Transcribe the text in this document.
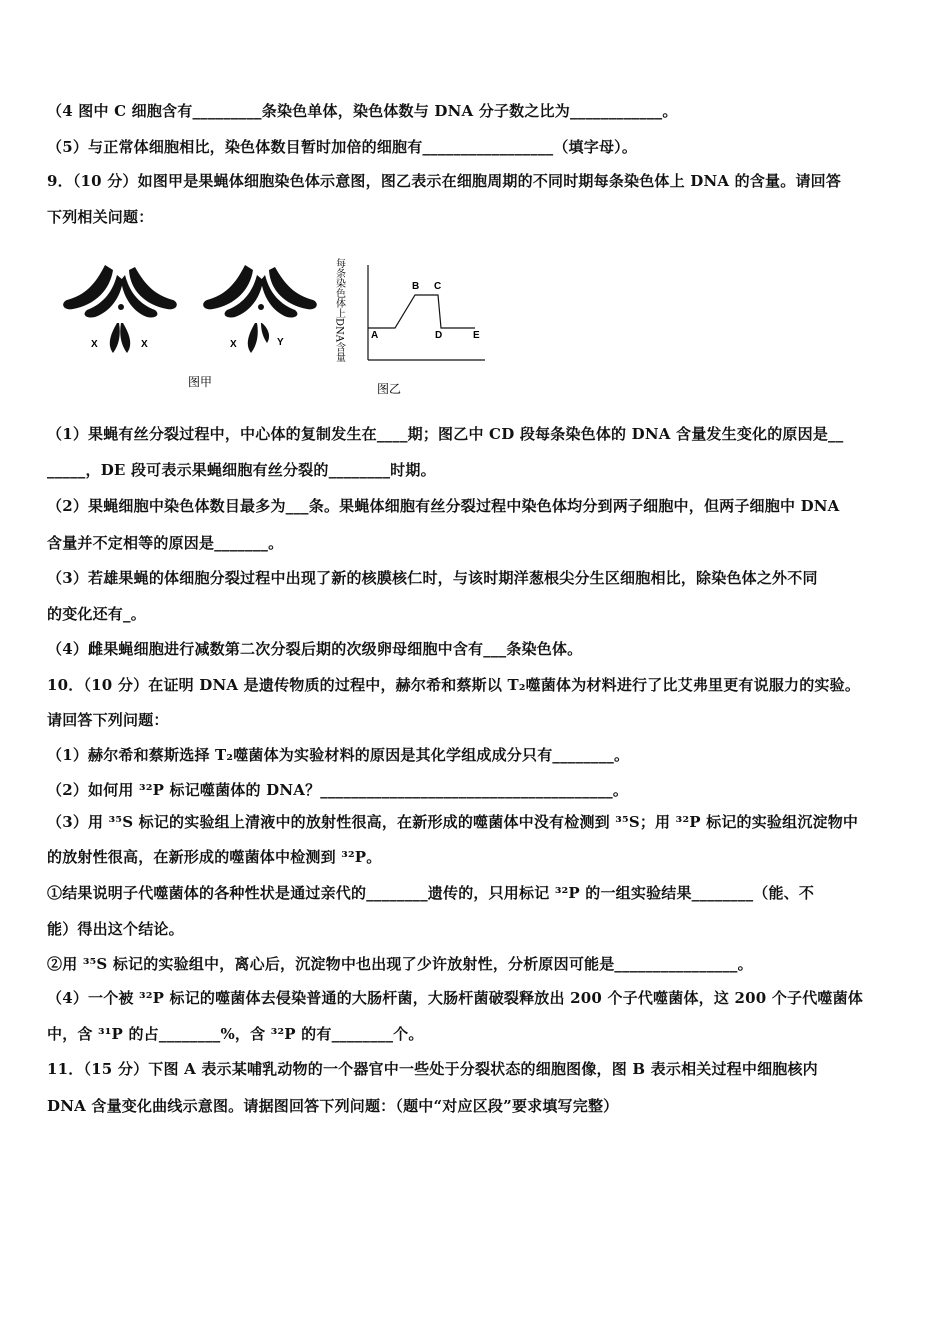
（4 图中 C 细胞含有_________条染色单体，染色体数与 DNA 分子数之比为____________。
（5）与正常体细胞相比，染色体数目暂时加倍的细胞有_________________（填字母）。
9．（10 分）如图甲是果蝇体细胞染色体示意图，图乙表示在细胞周期的不同时期每条染色体上 DNA 的含量。请回答
下列相关问题：
X	X	X	Y
图甲
每条染色体上DNA含量	A
B C
D	E
图乙
（1）果蝇有丝分裂过程中，中心体的复制发生在____期；图乙中 CD 段每条染色体的 DNA 含量发生变化的原因是__
_____，DE 段可表示果蝇细胞有丝分裂的________时期。
（2）果蝇细胞中染色体数目最多为___条。果蝇体细胞有丝分裂过程中染色体均分到两子细胞中，但两子细胞中 DNA
含量并不定相等的原因是_______。
（3）若雄果蝇的体细胞分裂过程中出现了新的核膜核仁时，与该时期洋葱根尖分生区细胞相比，除染色体之外不同
的变化还有_。
（4）雌果蝇细胞进行减数第二次分裂后期的次级卵母细胞中含有___条染色体。
10．（10 分）在证明 DNA 是遗传物质的过程中，赫尔希和蔡斯以 T₂噬菌体为材料进行了比艾弗里更有说服力的实验。
请回答下列问题：
（1）赫尔希和蔡斯选择 T₂噬菌体为实验材料的原因是其化学组成成分只有________。
（2）如何用 ³²P 标记噬菌体的 DNA？______________________________________。
（3）用 ³⁵S 标记的实验组上清液中的放射性很高，在新形成的噬菌体中没有检测到 ³⁵S；用 ³²P 标记的实验组沉淀物中
的放射性很高，在新形成的噬菌体中检测到 ³²P。
①结果说明子代噬菌体的各种性状是通过亲代的________遗传的，只用标记 ³²P 的一组实验结果________（能、不
能）得出这个结论。
②用 ³⁵S 标记的实验组中，离心后，沉淀物中也出现了少许放射性，分析原因可能是________________。
（4）一个被 ³²P 标记的噬菌体去侵染普通的大肠杆菌，大肠杆菌破裂释放出 200 个子代噬菌体，这 200 个子代噬菌体
中，含 ³¹P 的占________%，含 ³²P 的有________个。
11．（15 分）下图 A 表示某哺乳动物的一个器官中一些处于分裂状态的细胞图像，图 B 表示相关过程中细胞核内
DNA 含量变化曲线示意图。请据图回答下列问题：（题中“对应区段”要求填写完整）
